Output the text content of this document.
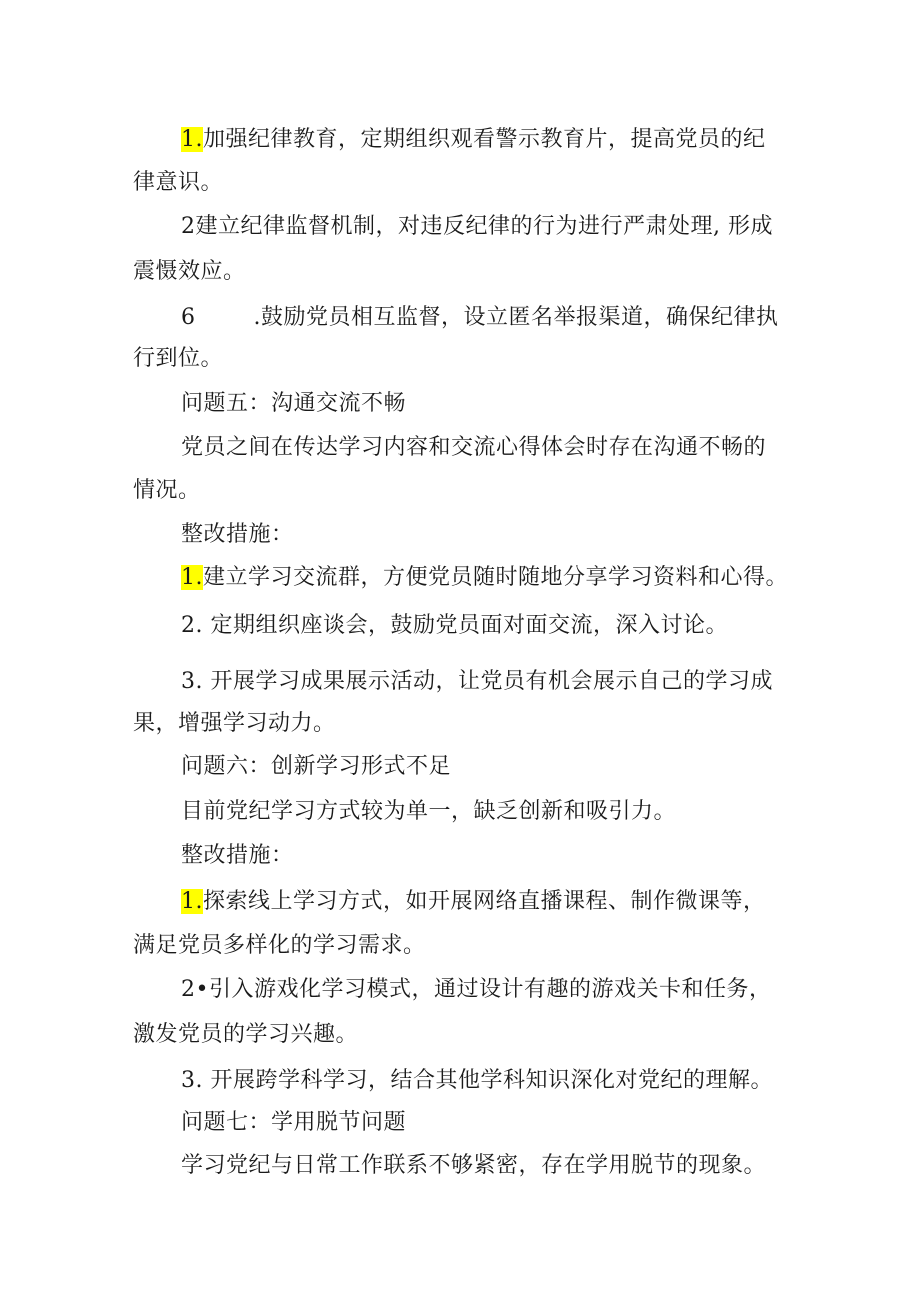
1.加强纪律教育，定期组织观看警示教育片，提高党员的纪
律意识。
2建立纪律监督机制，对违反纪律的行为进行严肃处理, 形成
震慑效应。
6	.鼓励党员相互监督，设立匿名举报渠道，确保纪律执
行到位。
问题五：沟通交流不畅
党员之间在传达学习内容和交流心得体会时存在沟通不畅的
情况。
整改措施：
1.建立学习交流群，方便党员随时随地分享学习资料和心得。
2. 定期组织座谈会，鼓励党员面对面交流，深入讨论。
3. 开展学习成果展示活动，让党员有机会展示自己的学习成
果，增强学习动力。
问题六：创新学习形式不足
目前党纪学习方式较为单一，缺乏创新和吸引力。
整改措施：
1.探索线上学习方式，如开展网络直播课程、制作微课等，
满足党员多样化的学习需求。
2•引入游戏化学习模式，通过设计有趣的游戏关卡和任务，
激发党员的学习兴趣。
3. 开展跨学科学习，结合其他学科知识深化对党纪的理解。
问题七：学用脱节问题
学习党纪与日常工作联系不够紧密，存在学用脱节的现象。
